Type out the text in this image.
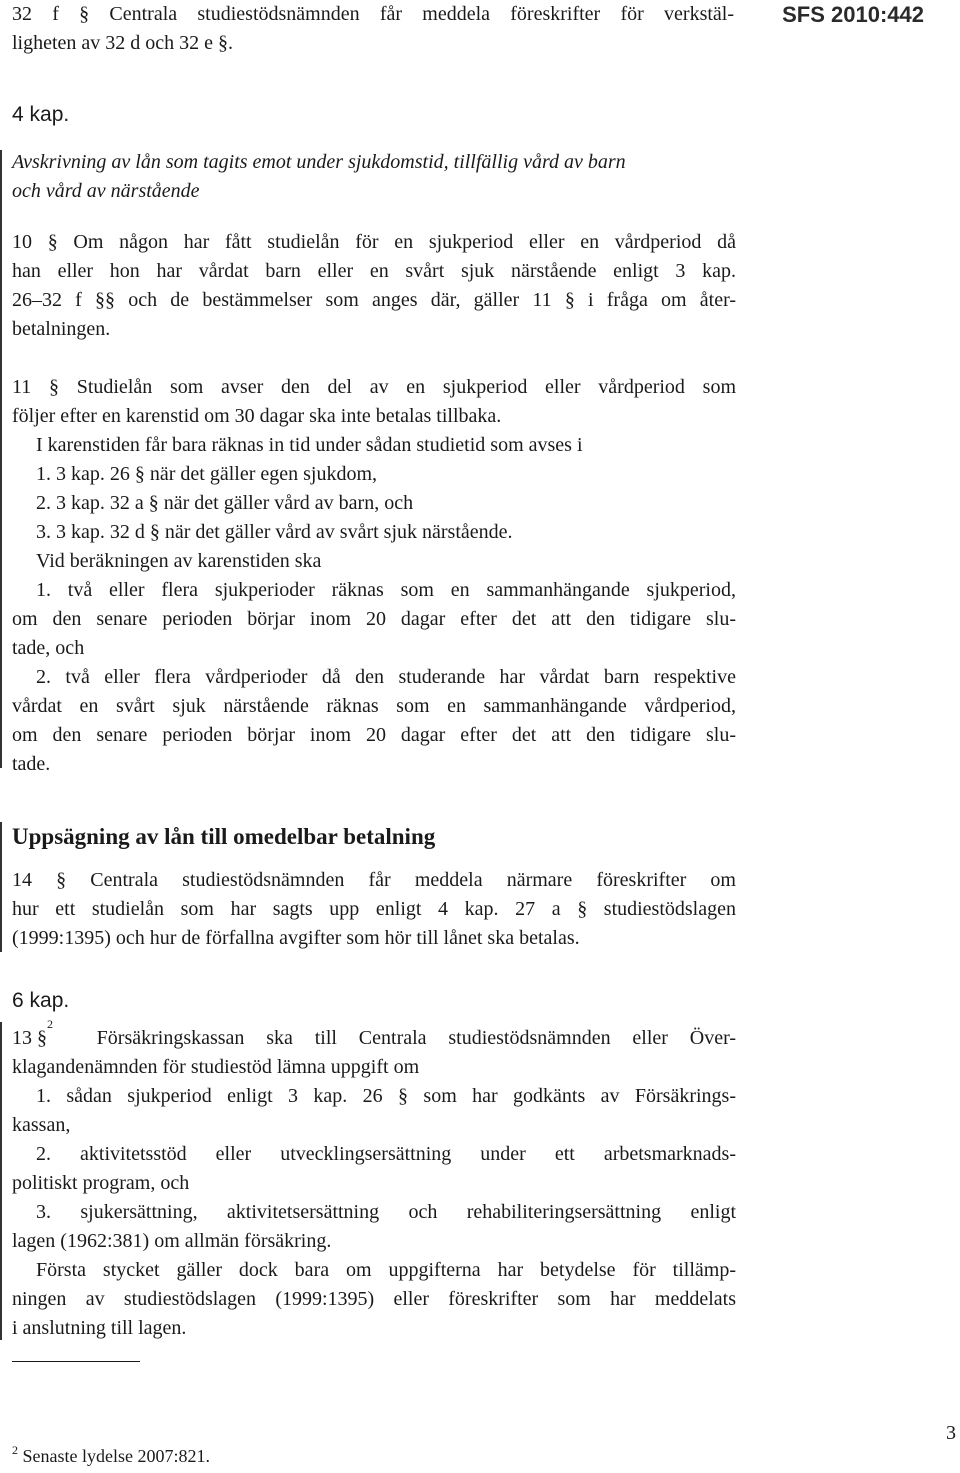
32 f § Centrala studiestödsnämnden får meddela föreskrifter för verkstäl-
ligheten av 32 d och 32 e §.
SFS 2010:442
4 kap.
Avskrivning av lån som tagits emot under sjukdomstid, tillfällig vård av barn
och vård av närstående
10 § Om någon har fått studielån för en sjukperiod eller en vårdperiod då
han eller hon har vårdat barn eller en svårt sjuk närstående enligt 3 kap.
26–32 f §§ och de bestämmelser som anges där, gäller 11 § i fråga om åter-
betalningen.
11 § Studielån som avser den del av en sjukperiod eller vårdperiod som
följer efter en karenstid om 30 dagar ska inte betalas tillbaka.
I karenstiden får bara räknas in tid under sådan studietid som avses i
1. 3 kap. 26 § när det gäller egen sjukdom,
2. 3 kap. 32 a § när det gäller vård av barn, och
3. 3 kap. 32 d § när det gäller vård av svårt sjuk närstående.
Vid beräkningen av karenstiden ska
1. två eller flera sjukperioder räknas som en sammanhängande sjukperiod,
om den senare perioden börjar inom 20 dagar efter det att den tidigare slu-
tade, och
2. två eller flera vårdperioder då den studerande har vårdat barn respektive
vårdat en svårt sjuk närstående räknas som en sammanhängande vårdperiod,
om den senare perioden börjar inom 20 dagar efter det att den tidigare slu-
tade.
Uppsägning av lån till omedelbar betalning
14 § Centrala studiestödsnämnden får meddela närmare föreskrifter om
hur ett studielån som har sagts upp enligt 4 kap. 27 a § studiestödslagen
(1999:1395) och hur de förfallna avgifter som hör till lånet ska betalas.
6 kap.
13 §
2
Försäkringskassan ska till Centrala studiestödsnämnden eller Över-
klagandenämnden för studiestöd lämna uppgift om
1. sådan sjukperiod enligt 3 kap. 26 § som har godkänts av Försäkrings-
kassan,
2. aktivitetsstöd eller utvecklingsersättning under ett arbetsmarknads-
politiskt program, och
3. sjukersättning, aktivitetsersättning och rehabiliteringsersättning enligt
lagen (1962:381) om allmän försäkring.
Första stycket gäller dock bara om uppgifterna har betydelse för tillämp-
ningen av studiestödslagen (1999:1395) eller föreskrifter som har meddelats
i anslutning till lagen.
3
$^2$ Senaste lydelse 2007:821.
